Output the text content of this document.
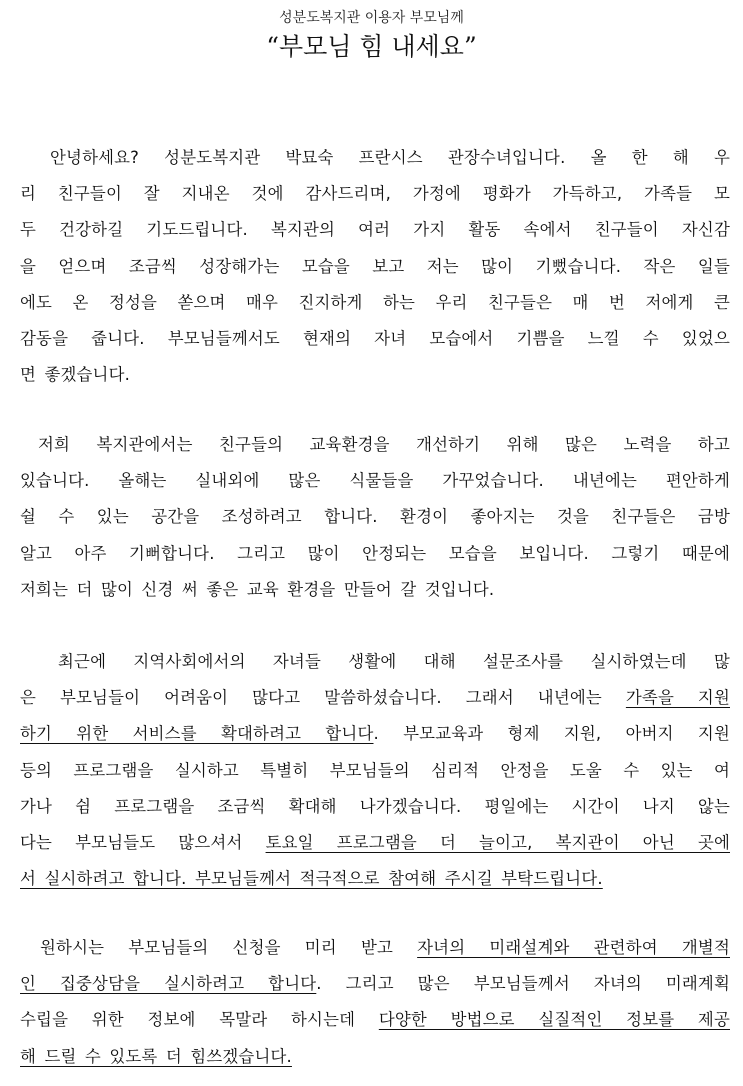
성분도복지관 이용자 부모님께
“부모님 힘 내세요”
안녕하세요? 성분도복지관 박묘숙 프란시스 관장수녀입니다. 올 한 해 우
리 친구들이 잘 지내온 것에 감사드리며, 가정에 평화가 가득하고, 가족들 모
두 건강하길 기도드립니다. 복지관의 여러 가지 활동 속에서 친구들이 자신감
을 얻으며 조금씩 성장해가는 모습을 보고 저는 많이 기뻤습니다. 작은 일들
에도 온 정성을 쏟으며 매우 진지하게 하는 우리 친구들은 매 번 저에게 큰
감동을 줍니다. 부모님들께서도 현재의 자녀 모습에서 기쁨을 느낄 수 있었으
면 좋겠습니다.
저희 복지관에서는 친구들의 교육환경을 개선하기 위해 많은 노력을 하고
있습니다. 올해는 실내외에 많은 식물들을 가꾸었습니다. 내년에는 편안하게
쉴 수 있는 공간을 조성하려고 합니다. 환경이 좋아지는 것을 친구들은 금방
알고 아주 기뻐합니다. 그리고 많이 안정되는 모습을 보입니다. 그렇기 때문에
저희는 더 많이 신경 써 좋은 교육 환경을 만들어 갈 것입니다.
최근에 지역사회에서의 자녀들 생활에 대해 설문조사를 실시하였는데 많
은 부모님들이 어려움이 많다고 말씀하셨습니다. 그래서 내년에는 가족을 지원
하기 위한 서비스를 확대하려고 합니다. 부모교육과 형제 지원, 아버지 지원
등의 프로그램을 실시하고 특별히 부모님들의 심리적 안정을 도울 수 있는 여
가나 쉼 프로그램을 조금씩 확대해 나가겠습니다. 평일에는 시간이 나지 않는
다는 부모님들도 많으셔서 토요일 프로그램을 더 늘이고, 복지관이 아닌 곳에
서 실시하려고 합니다. 부모님들께서 적극적으로 참여해 주시길 부탁드립니다.
원하시는 부모님들의 신청을 미리 받고 자녀의 미래설계와 관련하여 개별적
인 집중상담을 실시하려고 합니다. 그리고 많은 부모님들께서 자녀의 미래계획
수립을 위한 정보에 목말라 하시는데 다양한 방법으로 실질적인 정보를 제공
해 드릴 수 있도록 더 힘쓰겠습니다.
